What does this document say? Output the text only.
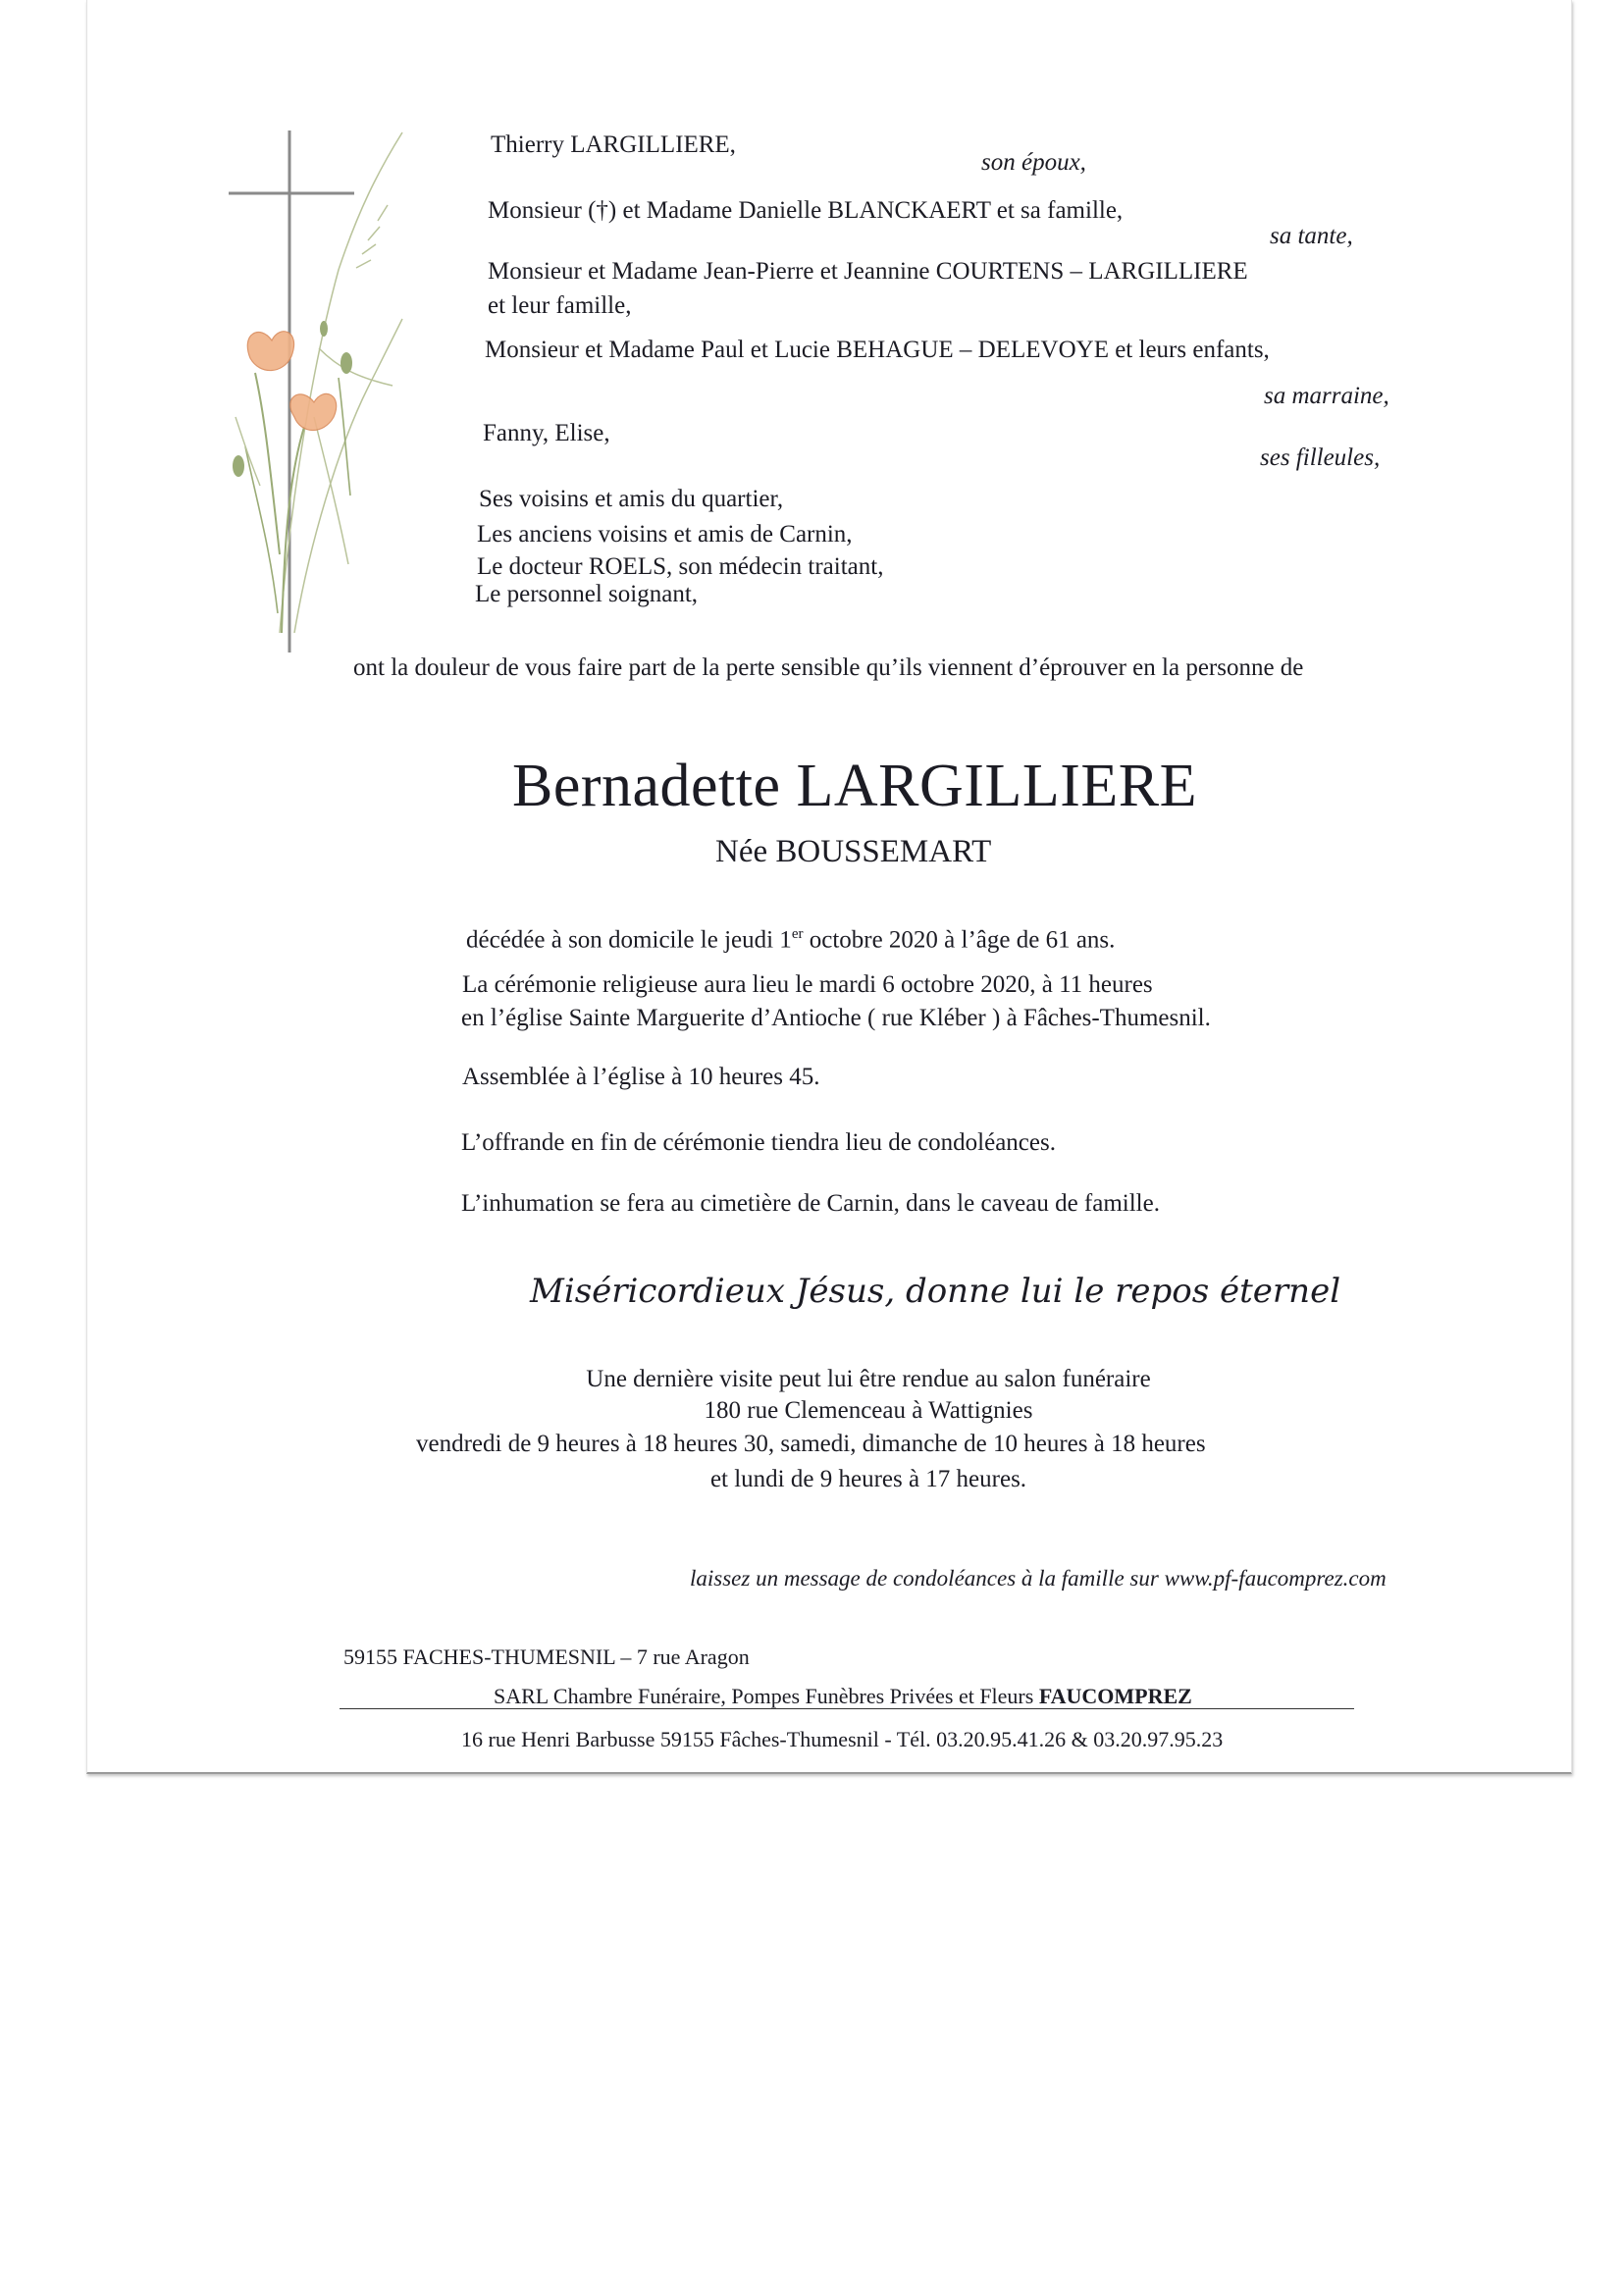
Thierry LARGILLIERE,
son époux,
Monsieur (†) et Madame Danielle BLANCKAERT et sa famille,
sa tante,
Monsieur et Madame Jean-Pierre et Jeannine COURTENS – LARGILLIERE
et leur famille,
Monsieur et Madame Paul et Lucie BEHAGUE – DELEVOYE et leurs enfants,
sa marraine,
Fanny, Elise,
ses filleules,
Ses voisins et amis du quartier,
Les anciens voisins et amis de Carnin,
Le docteur ROELS, son médecin traitant,
Le personnel soignant,
ont la douleur de vous faire part de la perte sensible qu’ils viennent d’éprouver en la personne de
Bernadette LARGILLIERE
Née BOUSSEMART
décédée à son domicile le jeudi 1er octobre 2020 à l’âge de 61 ans.
La cérémonie religieuse aura lieu le mardi 6 octobre 2020, à 11 heures
en l’église Sainte Marguerite d’Antioche ( rue Kléber ) à Fâches-Thumesnil.
Assemblée à l’église à 10 heures 45.
L’offrande en fin de cérémonie tiendra lieu de condoléances.
L’inhumation se fera au cimetière de Carnin, dans le caveau de famille.
Miséricordieux Jésus, donne lui le repos éternel
Une dernière visite peut lui être rendue au salon funéraire
180 rue Clemenceau à Wattignies
vendredi de 9 heures à 18 heures 30, samedi, dimanche de 10 heures à 18 heures
et lundi de 9 heures à 17 heures.
laissez un message de condoléances à la famille sur www.pf-faucomprez.com
59155 FACHES-THUMESNIL – 7 rue Aragon
SARL Chambre Funéraire, Pompes Funèbres Privées et Fleurs FAUCOMPREZ
16 rue Henri Barbusse 59155 Fâches-Thumesnil - Tél. 03.20.95.41.26 & 03.20.97.95.23
